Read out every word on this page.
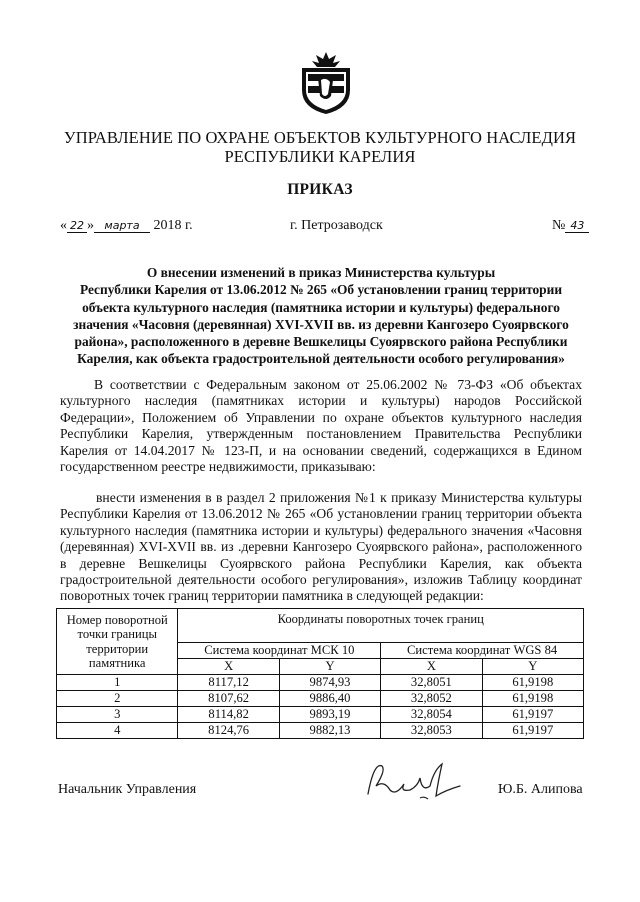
УПРАВЛЕНИЕ ПО ОХРАНЕ ОБЪЕКТОВ КУЛЬТУРНОГО НАСЛЕДИЯ
РЕСПУБЛИКИ КАРЕЛИЯ
ПРИКАЗ
« 22 » марта 2018 г.	г. Петрозаводск	№ 43
О внесении изменений в приказ Министерства культуры
Республики Карелия от 13.06.2012 № 265 «Об установлении границ территории
объекта культурного наследия (памятника истории и культуры) федерального
значения «Часовня (деревянная) XVI-XVII вв. из деревни Кангозеро Суоярвского
района», расположенного в деревне Вешкелицы Суоярвского района Республики
Карелия, как объекта градостроительной деятельности особого регулирования»
В соответствии с Федеральным законом от 25.06.2002 № 73-ФЗ «Об объектах культурного наследия (памятниках истории и культуры) народов Российской Федерации», Положением об Управлении по охране объектов культурного наследия Республики Карелия, утвержденным постановлением Правительства Республики Карелия от 14.04.2017 № 123-П, и на основании сведений, содержащихся в Едином государственном реестре недвижимости, приказываю:
внести изменения в в раздел 2 приложения №1 к приказу Министерства культуры Республики Карелия от 13.06.2012 № 265 «Об установлении границ территории объекта культурного наследия (памятника истории и культуры) федерального значения «Часовня (деревянная) XVI-XVII вв. из .деревни Кангозеро Суоярвского района», расположенного в деревне Вешкелицы Суоярвского района Республики Карелия, как объекта градостроительной деятельности особого регулирования», изложив Таблицу координат поворотных точек границ территории памятника в следующей редакции:
Номер поворотной точки границы территории памятника	Координаты поворотных точек границ			
	Система координат МСК 10		Система координат WGS 84	
	X	Y	X	Y
1	8117,12	9874,93	32,8051	61,9198
2	8107,62	9886,40	32,8052	61,9198
3	8114,82	9893,19	32,8054	61,9197
4	8124,76	9882,13	32,8053	61,9197
Начальник Управления	Ю.Б. Алипова
